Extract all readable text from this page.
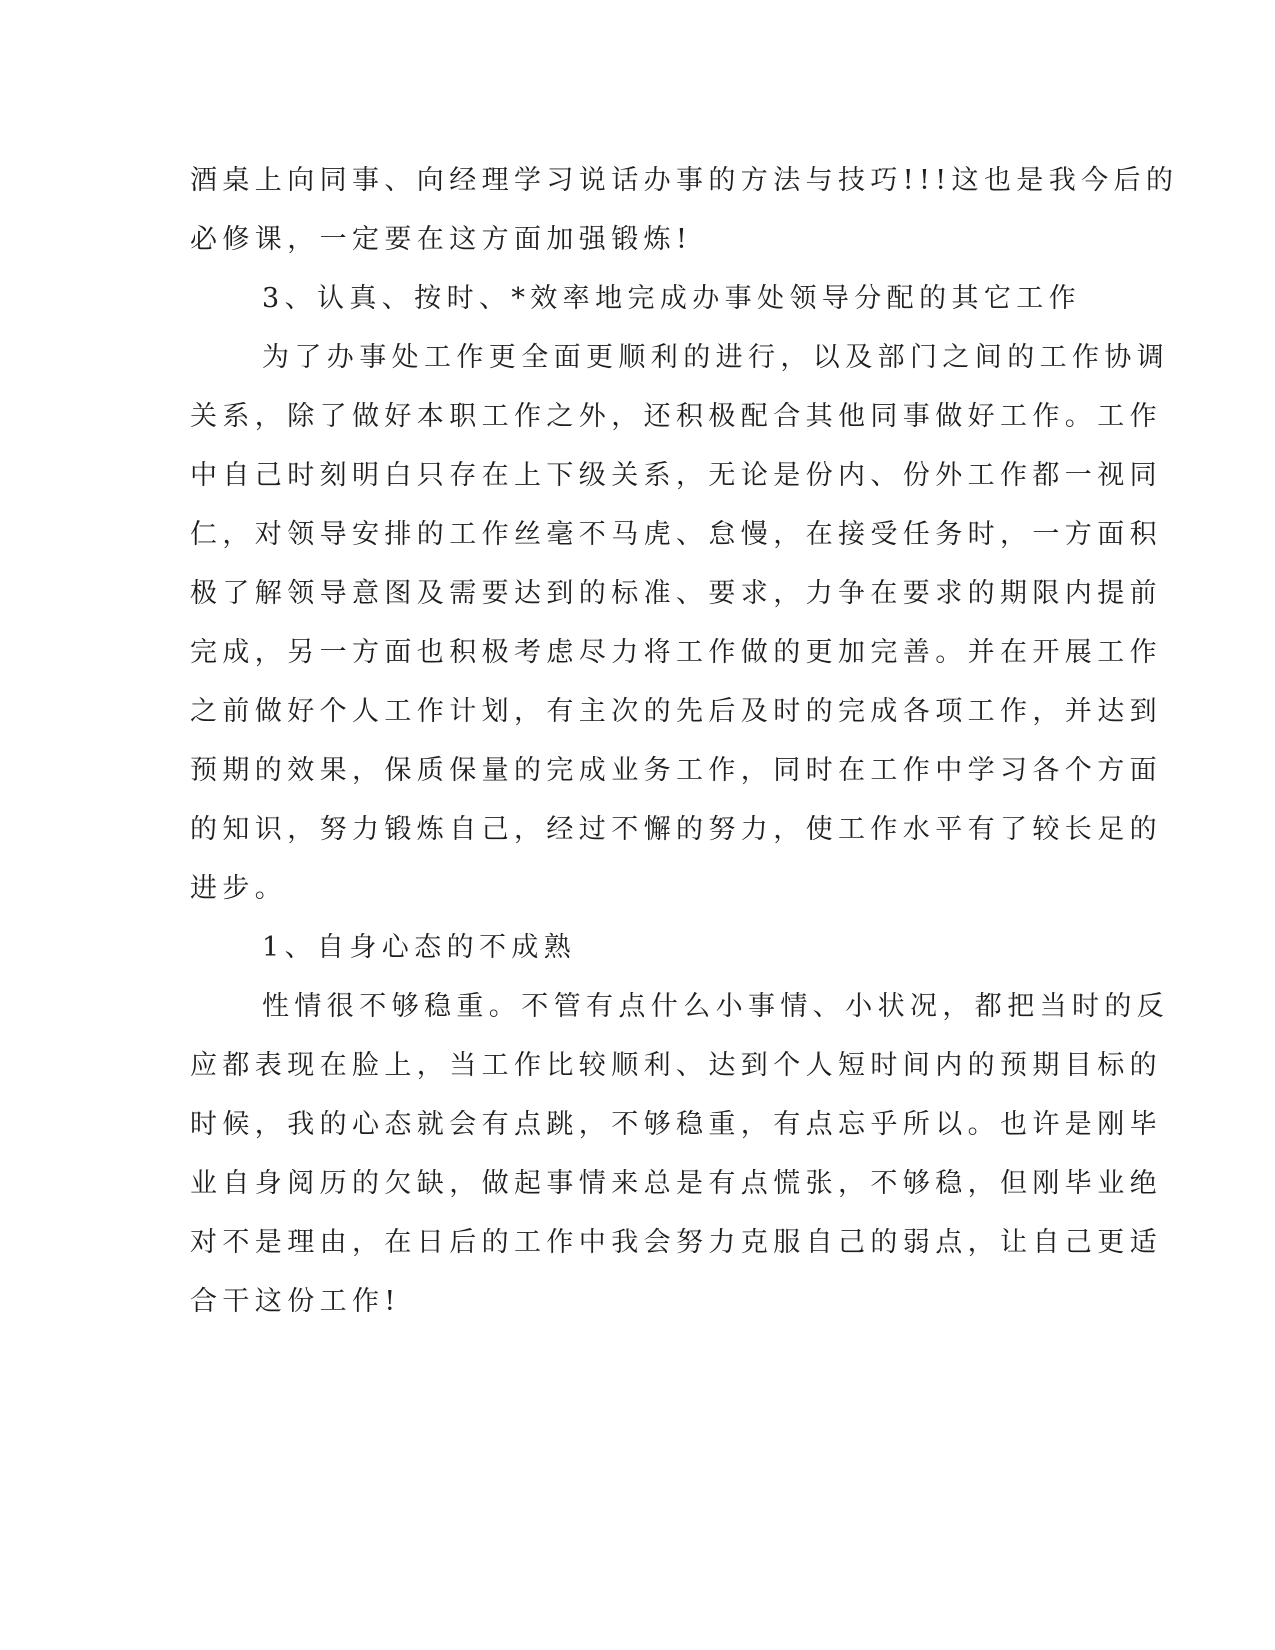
酒桌上向同事、向经理学习说话办事的方法与技巧!!!这也是我今后的

必修课，一定要在这方面加强锻炼!

3、认真、按时、*效率地完成办事处领导分配的其它工作

为了办事处工作更全面更顺利的进行，以及部门之间的工作协调

关系，除了做好本职工作之外，还积极配合其他同事做好工作。工作

中自己时刻明白只存在上下级关系，无论是份内、份外工作都一视同

仁，对领导安排的工作丝毫不马虎、怠慢，在接受任务时，一方面积

极了解领导意图及需要达到的标准、要求，力争在要求的期限内提前

完成，另一方面也积极考虑尽力将工作做的更加完善。并在开展工作

之前做好个人工作计划，有主次的先后及时的完成各项工作，并达到

预期的效果，保质保量的完成业务工作，同时在工作中学习各个方面

的知识，努力锻炼自己，经过不懈的努力，使工作水平有了较长足的

进步。

1、自身心态的不成熟

性情很不够稳重。不管有点什么小事情、小状况，都把当时的反

应都表现在脸上，当工作比较顺利、达到个人短时间内的预期目标的

时候，我的心态就会有点跳，不够稳重，有点忘乎所以。也许是刚毕

业自身阅历的欠缺，做起事情来总是有点慌张，不够稳，但刚毕业绝

对不是理由，在日后的工作中我会努力克服自己的弱点，让自己更适

合干这份工作!
